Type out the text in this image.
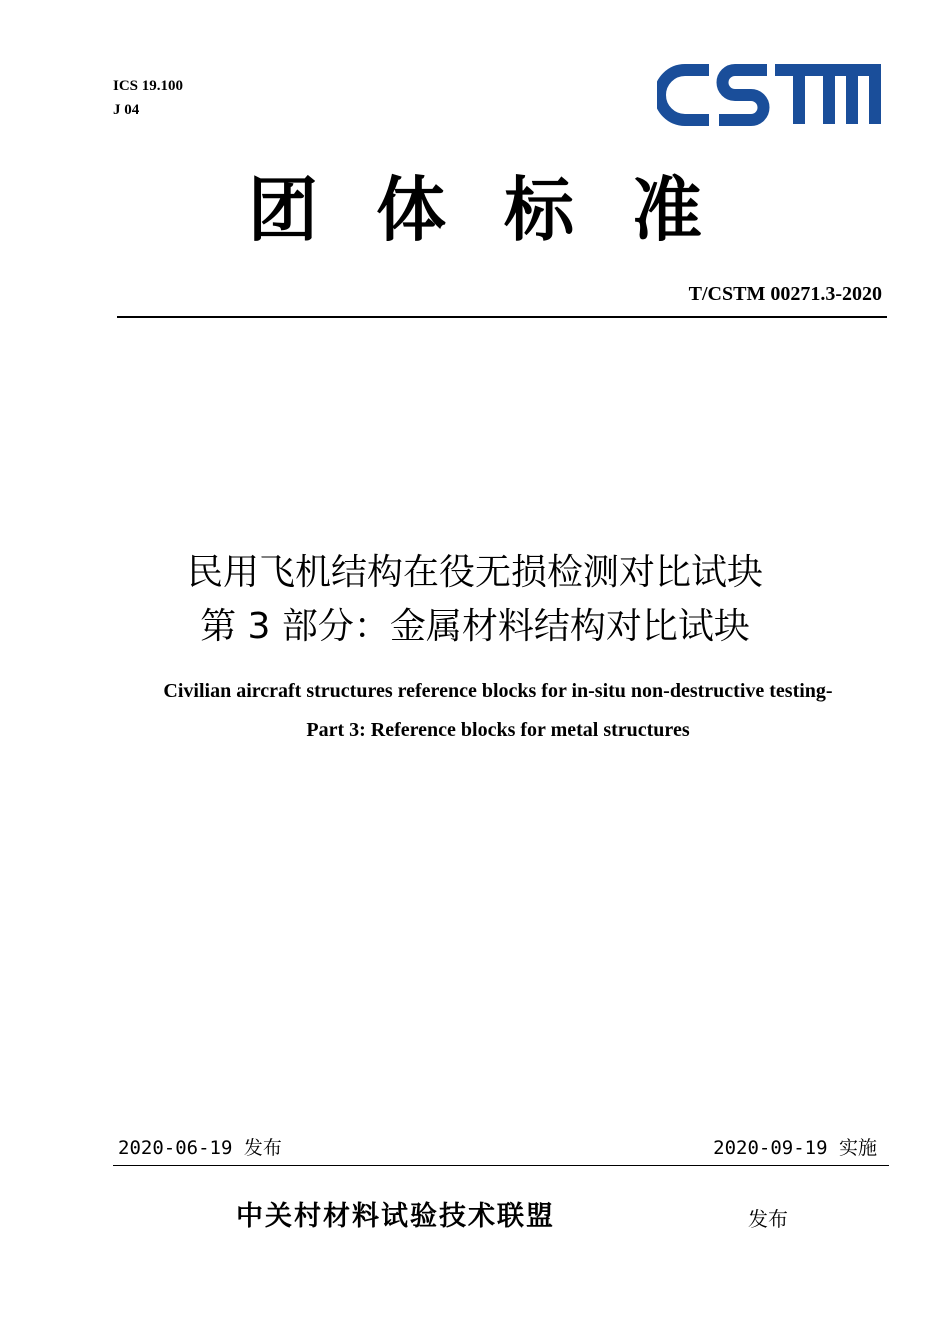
ICS 19.100
J 04
团体标准
T/CSTM 00271.3-2020
民用飞机结构在役无损检测对比试块
第 3 部分：金属材料结构对比试块
Civilian aircraft structures reference blocks for in-situ non-destructive testing-
Part 3: Reference blocks for metal structures
2020-06-19 发布	2020-09-19 实施
中关村材料试验技术联盟	发布
